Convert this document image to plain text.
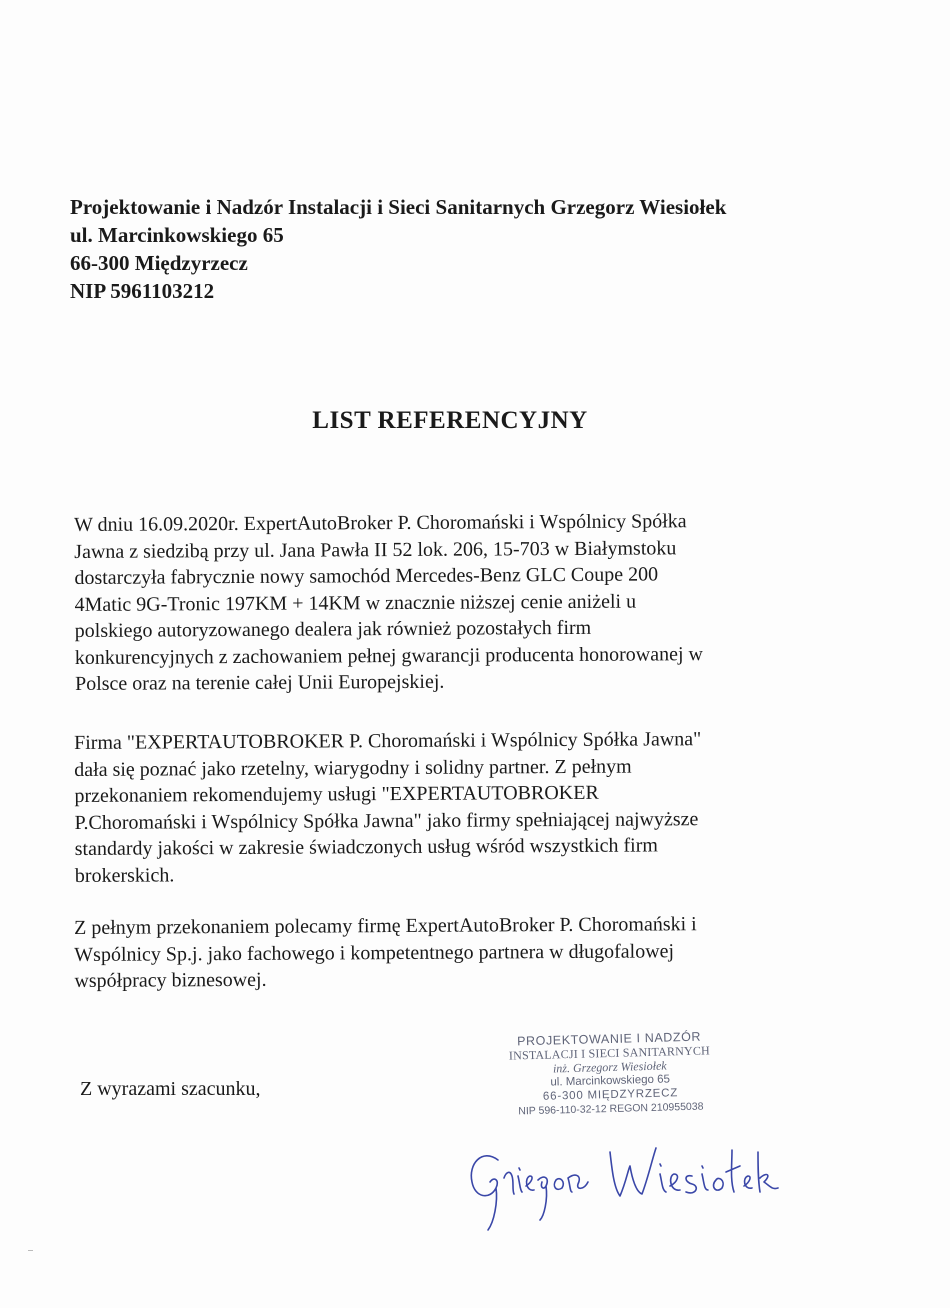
Projektowanie i Nadzór Instalacji i Sieci Sanitarnych Grzegorz Wiesiołek
ul. Marcinkowskiego 65
66-300 Międzyrzecz
NIP 5961103212
LIST REFERENCYJNY
W dniu 16.09.2020r. ExpertAutoBroker P. Choromański i Wspólnicy Spółka
Jawna z siedzibą przy ul. Jana Pawła II 52 lok. 206, 15-703 w Białymstoku
dostarczyła fabrycznie nowy samochód Mercedes-Benz GLC Coupe 200
4Matic 9G-Tronic 197KM + 14KM w znacznie niższej cenie aniżeli u
polskiego autoryzowanego dealera jak również pozostałych firm
konkurencyjnych z zachowaniem pełnej gwarancji producenta honorowanej w
Polsce oraz na terenie całej Unii Europejskiej.
Firma "EXPERTAUTOBROKER P. Choromański i Wspólnicy Spółka Jawna"
dała się poznać jako rzetelny, wiarygodny i solidny partner. Z pełnym
przekonaniem rekomendujemy usługi "EXPERTAUTOBROKER
P.Choromański i Wspólnicy Spółka Jawna" jako firmy spełniającej najwyższe
standardy jakości w zakresie świadczonych usług wśród wszystkich firm
brokerskich.
Z pełnym przekonaniem polecamy firmę ExpertAutoBroker P. Choromański i
Wspólnicy Sp.j. jako fachowego i kompetentnego partnera w długofalowej
współpracy biznesowej.
Z wyrazami szacunku,
PROJEKTOWANIE I NADZÓR
INSTALACJI I SIECI SANITARNYCH
inż. Grzegorz Wiesiołek
ul. Marcinkowskiego 65
66-300 MIĘDZYRZECZ
NIP 596-110-32-12 REGON 210955038
